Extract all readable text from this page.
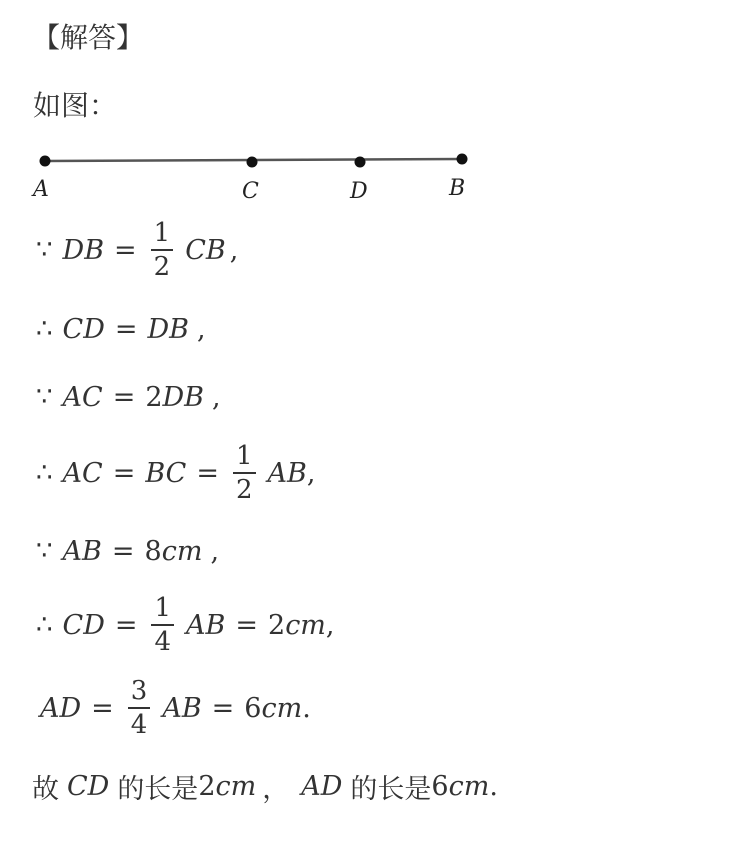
【解答】
如图：
A	C	D	B
∵ DB = $\frac{1}{2}$ CB ,
∴ CD = DB ,
∵ AC = 2 DB ,
∴ AC = BC = $\frac{1}{2}$ AB ,
∵ AB = 8 cm ,
∴ CD = $\frac{1}{4}$ AB = 2 cm ,
AD = $\frac{3}{4}$ AB = 6 cm .
故 CD 的长是 2 cm ， AD 的长是 6 cm .
